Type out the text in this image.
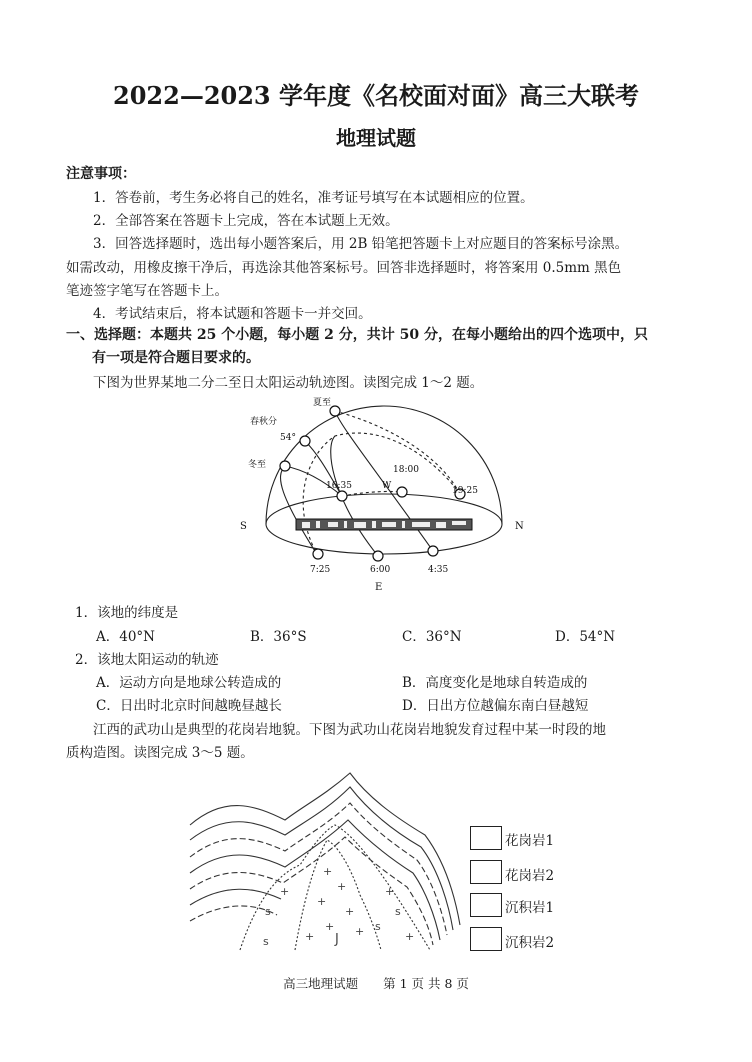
2022—2023 学年度《名校面对面》高三大联考
地理试题
注意事项：
1．答卷前，考生务必将自己的姓名，准考证号填写在本试题相应的位置。
2．全部答案在答题卡上完成，答在本试题上无效。
3．回答选择题时，选出每小题答案后，用 2B 铅笔把答题卡上对应题目的答案标号涂黑。
如需改动，用橡皮擦干净后，再选涂其他答案标号。回答非选择题时，将答案用 0.5mm 黑色
笔迹签字笔写在答题卡上。
4．考试结束后，将本试题和答题卡一并交回。
一、选择题：本题共 25 个小题，每小题 2 分，共计 50 分，在每小题给出的四个选项中，只
有一项是符合题目要求的。
下图为世界某地二分二至日太阳运动轨迹图。读图完成 1～2 题。
夏至
春秋分
54°
冬至	18:00
16:35	W	19:25
S	N
7:25	6:00	4:35
E
1．该地的纬度是
A．40°N	B．36°S	C．36°N	D．54°N
2．该地太阳运动的轨迹
A．运动方向是地球公转造成的	B．高度变化是地球自转造成的
C．日出时北京时间越晚昼越长	D．日出方位越偏东南白昼越短
江西的武功山是典型的花岗岩地貌。下图为武功山花岗岩地貌发育过程中某一时段的地
质构造图。读图完成 3～5 题。
+
+
+
+
+ +
+
s
+
s
+
s
+
s
J
花岗岩1
花岗岩2
沉积岩1
沉积岩2
高三地理试题　　第 1 页 共 8 页
